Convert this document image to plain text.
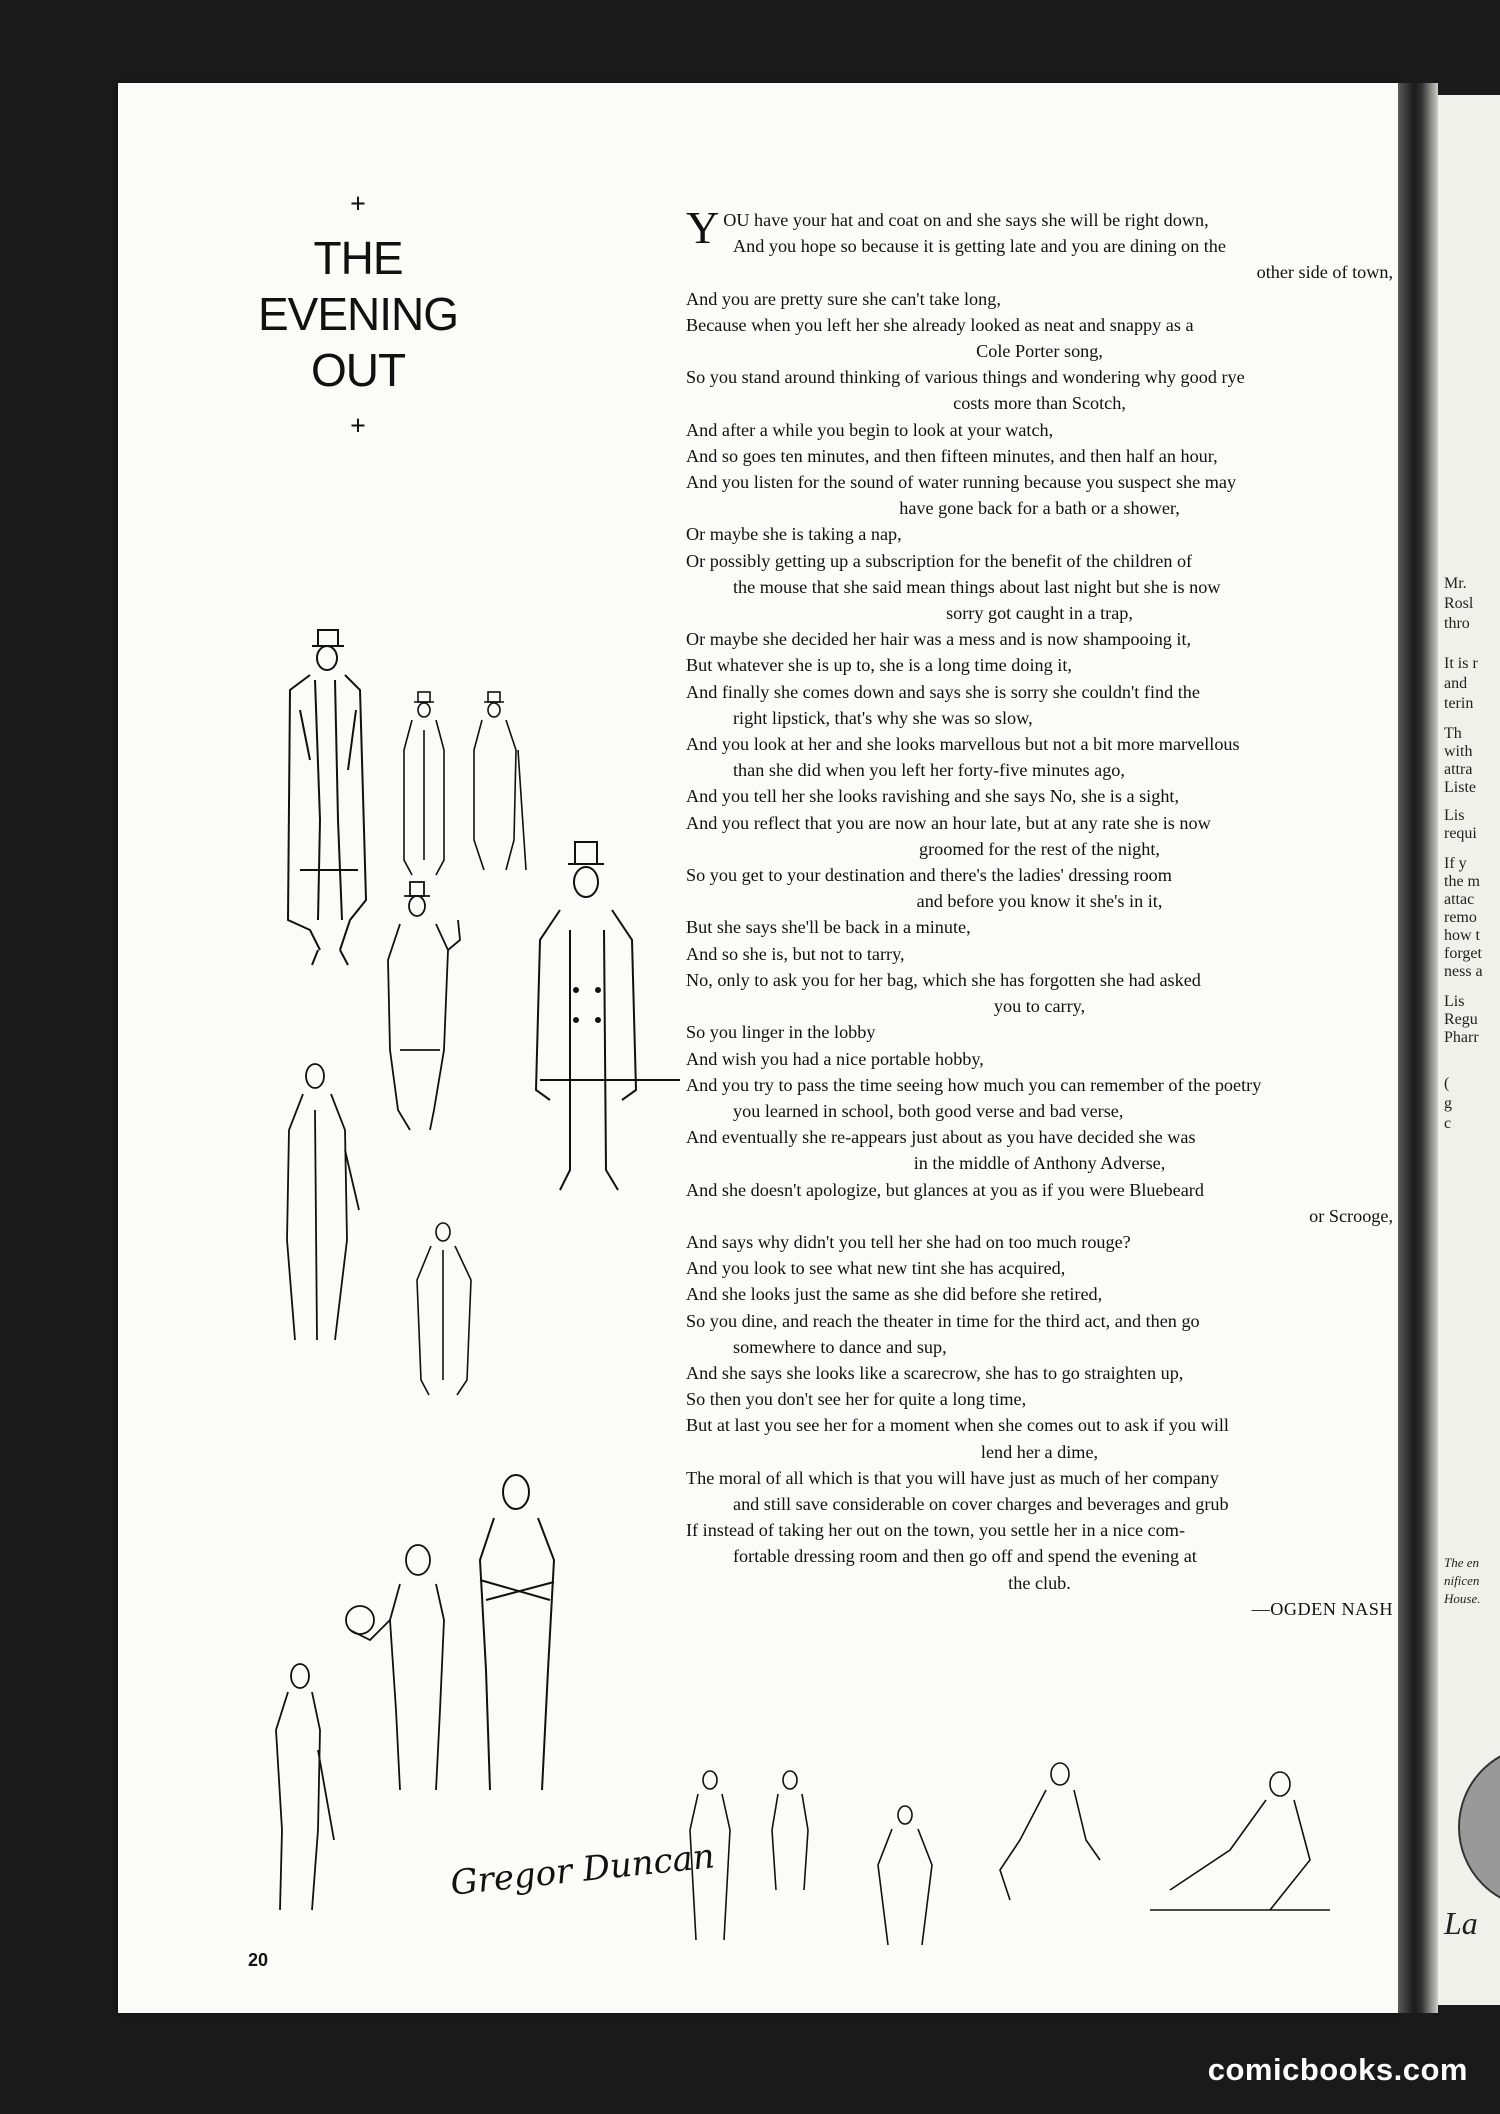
Mr.
Rosl
thro
It is r
and
terin
Th
with
attra
Liste
Lis
requi
If y
the m
attac
remo
how t
forget
ness a
Lis
Regu
Pharr
(
g
c
The en
nificen
House.
La
+
THE
EVENING
OUT
+
Y OU have your hat and coat on and she says she will be right down,
And you hope so because it is getting late and you are dining on the
other side of town,
And you are pretty sure she can't take long,
Because when you left her she already looked as neat and snappy as a
Cole Porter song,
So you stand around thinking of various things and wondering why good rye
costs more than Scotch,
And after a while you begin to look at your watch,
And so goes ten minutes, and then fifteen minutes, and then half an hour,
And you listen for the sound of water running because you suspect she may
have gone back for a bath or a shower,
Or maybe she is taking a nap,
Or possibly getting up a subscription for the benefit of the children of
the mouse that she said mean things about last night but she is now
sorry got caught in a trap,
Or maybe she decided her hair was a mess and is now shampooing it,
But whatever she is up to, she is a long time doing it,
And finally she comes down and says she is sorry she couldn't find the
right lipstick, that's why she was so slow,
And you look at her and she looks marvellous but not a bit more marvellous
than she did when you left her forty-five minutes ago,
And you tell her she looks ravishing and she says No, she is a sight,
And you reflect that you are now an hour late, but at any rate she is now
groomed for the rest of the night,
So you get to your destination and there's the ladies' dressing room
and before you know it she's in it,
But she says she'll be back in a minute,
And so she is, but not to tarry,
No, only to ask you for her bag, which she has forgotten she had asked
you to carry,
So you linger in the lobby
And wish you had a nice portable hobby,
And you try to pass the time seeing how much you can remember of the poetry
you learned in school, both good verse and bad verse,
And eventually she re-appears just about as you have decided she was
in the middle of Anthony Adverse,
And she doesn't apologize, but glances at you as if you were Bluebeard
or Scrooge,
And says why didn't you tell her she had on too much rouge?
And you look to see what new tint she has acquired,
And she looks just the same as she did before she retired,
So you dine, and reach the theater in time for the third act, and then go
somewhere to dance and sup,
And she says she looks like a scarecrow, she has to go straighten up,
So then you don't see her for quite a long time,
But at last you see her for a moment when she comes out to ask if you will
lend her a dime,
The moral of all which is that you will have just as much of her company
and still save considerable on cover charges and beverages and grub
If instead of taking her out on the town, you settle her in a nice com-
fortable dressing room and then go off and spend the evening at
the club.
—OGDEN NASH
Gregor Duncan
20
comicbooks.com
